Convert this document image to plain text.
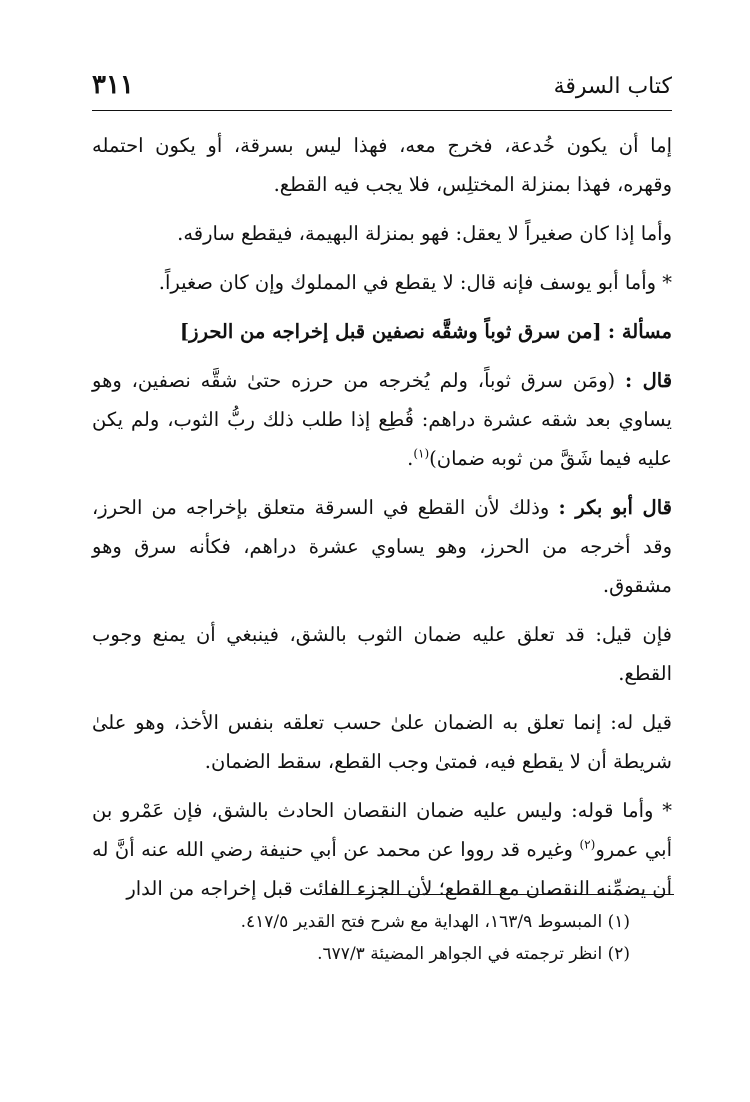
كتاب السرقة
٣١١

إما أن يكون خُدعة، فخرج معه، فهذا ليس بسرقة، أو يكون احتمله وقهره، فهذا بمنزلة المختلِس، فلا يجب فيه القطع.

وأما إذا كان صغيراً لا يعقل: فهو بمنزلة البهيمة، فيقطع سارقه.

* وأما أبو يوسف فإنه قال: لا يقطع في المملوك وإن كان صغيراً.

مسألة : [من سرق ثوباً وشقَّه نصفين قبل إخراجه من الحرز]

قال : (ومَن سرق ثوباً، ولم يُخرجه من حرزه حتىٰ شقَّه نصفين، وهو يساوي بعد شقه عشرة دراهم: قُطِع إذا طلب ذلك ربُّ الثوب، ولم يكن عليه فيما شَقَّ من ثوبه ضمان)$^{(١)}$.

قال أبو بكر : وذلك لأن القطع في السرقة متعلق بإخراجه من الحرز، وقد أخرجه من الحرز، وهو يساوي عشرة دراهم، فكأنه سرق وهو مشقوق.

فإن قيل: قد تعلق عليه ضمان الثوب بالشق، فينبغي أن يمنع وجوب القطع.

قيل له: إنما تعلق به الضمان علىٰ حسب تعلقه بنفس الأخذ، وهو علىٰ شريطة أن لا يقطع فيه، فمتىٰ وجب القطع، سقط الضمان.

* وأما قوله: وليس عليه ضمان النقصان الحادث بالشق، فإن عَمْرو بن أبي عمرو$^{(٢)}$ وغيره قد رووا عن محمد عن أبي حنيفة رضي الله عنه أنَّ له أن يضمِّنه النقصان مع القطع؛ لأن الجزء الفائت قبل إخراجه من الدار

(١) المبسوط ١٦٣/٩، الهداية مع شرح فتح القدير ٤١٧/٥.

(٢) انظر ترجمته في الجواهر المضيئة ٦٧٧/٣.
